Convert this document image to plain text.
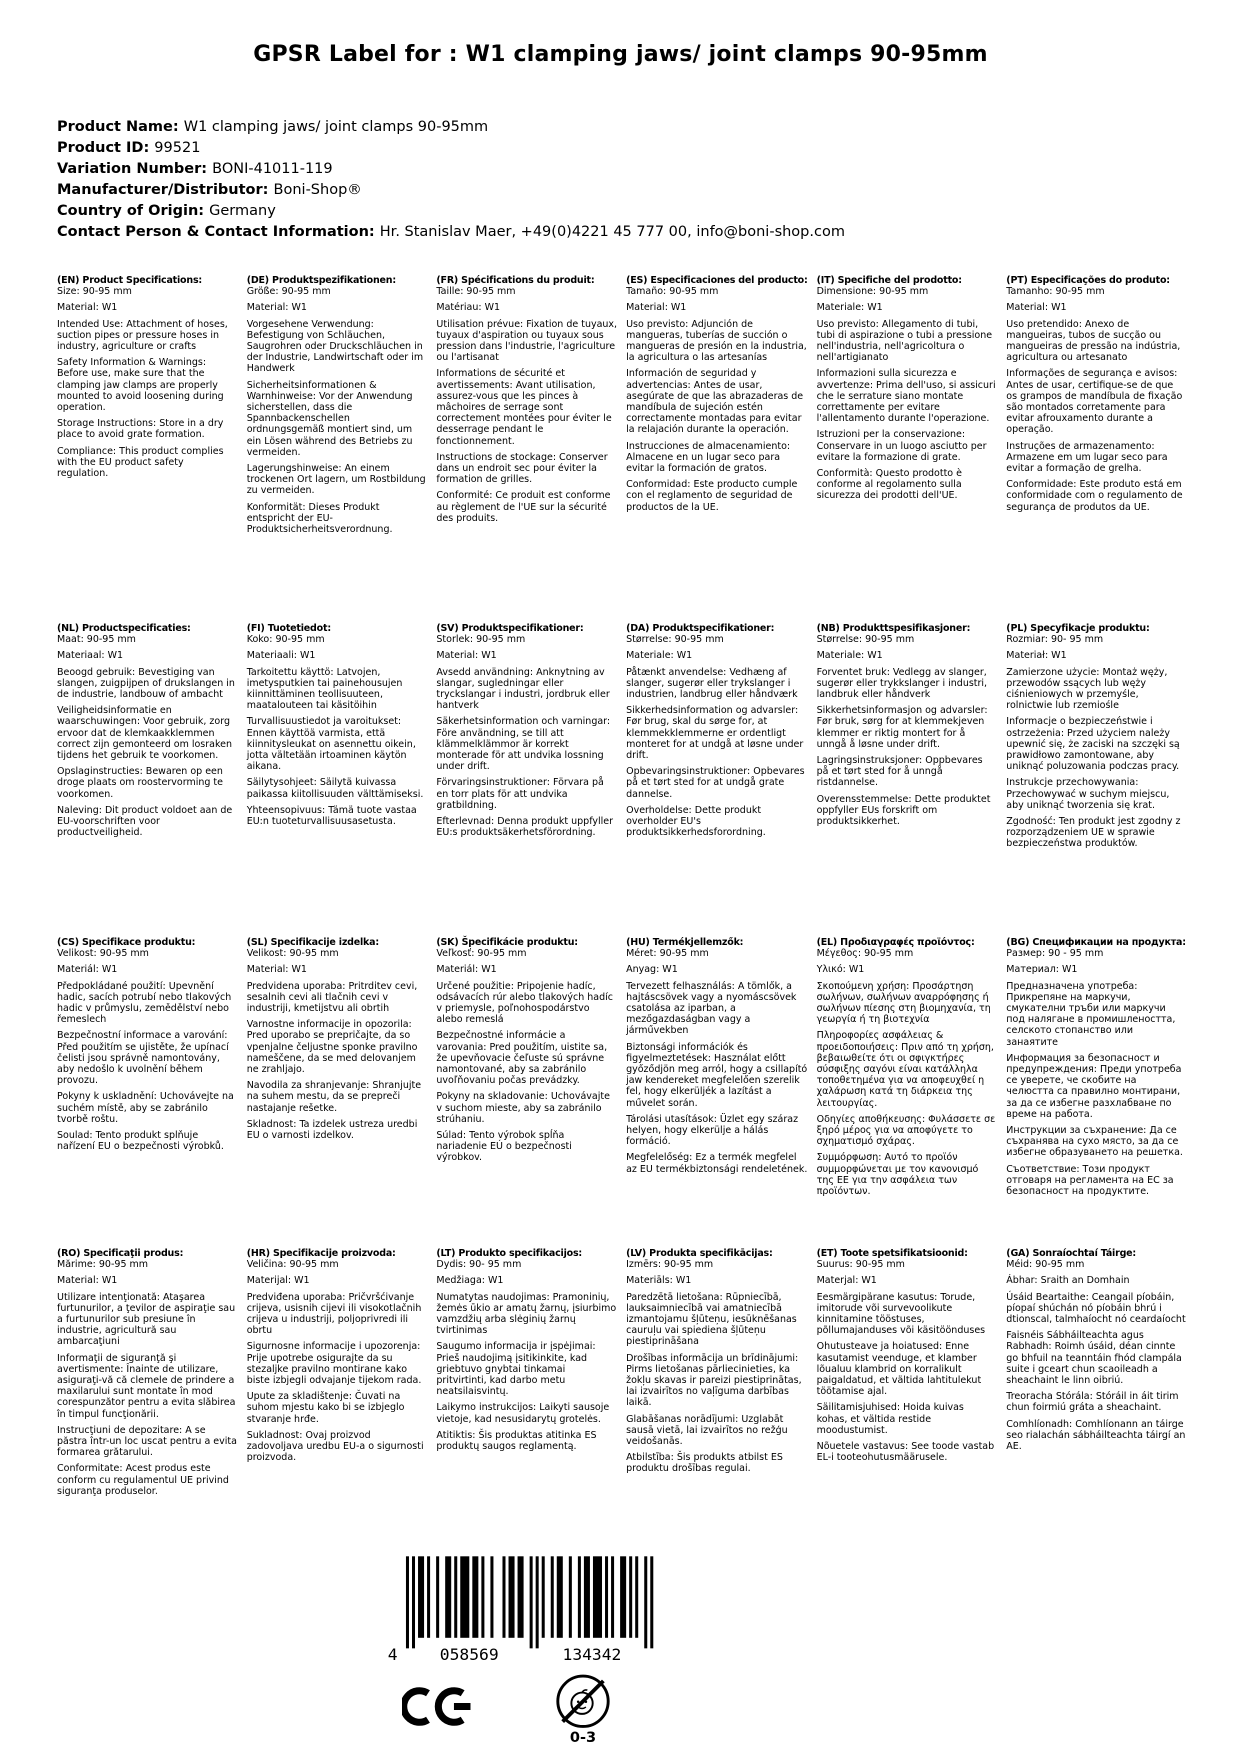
GPSR Label for : W1 clamping jaws/ joint clamps 90-95mm
Product Name: W1 clamping jaws/ joint clamps 90-95mm
Product ID: 99521
Variation Number: BONI-41011-119
Manufacturer/Distributor: Boni-Shop®
Country of Origin: Germany
Contact Person & Contact Information: Hr. Stanislav Maer, +49(0)4221 45 777 00, info@boni-shop.com
(EN) Product Specifications:

Size: 90-95 mm

Material: W1

Intended Use: Attachment of hoses, suction pipes or pressure hoses in industry, agriculture or crafts

Safety Information & Warnings: Before use, make sure that the clamping jaw clamps are properly mounted to avoid loosening during operation.

Storage Instructions: Store in a dry place to avoid grate formation.

Compliance: This product complies with the EU product safety regulation.

(DE) Produktspezifikationen:

Größe: 90-95 mm

Material: W1

Vorgesehene Verwendung: Befestigung von Schläuchen, Saugrohren oder Druckschläuchen in der Industrie, Landwirtschaft oder im Handwerk

Sicherheitsinformationen & Warnhinweise: Vor der Anwendung sicherstellen, dass die Spannbackenschellen ordnungsgemäß montiert sind, um ein Lösen während des Betriebs zu vermeiden.

Lagerungshinweise: An einem trockenen Ort lagern, um Rostbildung zu vermeiden.

Konformität: Dieses Produkt entspricht der EU-Produktsicherheitsverordnung.

(FR) Spécifications du produit:

Taille: 90-95 mm

Matériau: W1

Utilisation prévue: Fixation de tuyaux, tuyaux d'aspiration ou tuyaux sous pression dans l'industrie, l'agriculture ou l'artisanat

Informations de sécurité et avertissements: Avant utilisation, assurez-vous que les pinces à mâchoires de serrage sont correctement montées pour éviter le desserrage pendant le fonctionnement.

Instructions de stockage: Conserver dans un endroit sec pour éviter la formation de grilles.

Conformité: Ce produit est conforme au règlement de l'UE sur la sécurité des produits.

(ES) Especificaciones del producto:

Tamaño: 90-95 mm

Material: W1

Uso previsto: Adjunción de mangueras, tuberías de succión o mangueras de presión en la industria, la agricultura o las artesanías

Información de seguridad y advertencias: Antes de usar, asegúrate de que las abrazaderas de mandíbula de sujeción estén correctamente montadas para evitar la relajación durante la operación.

Instrucciones de almacenamiento: Almacene en un lugar seco para evitar la formación de gratos.

Conformidad: Este producto cumple con el reglamento de seguridad de productos de la UE.

(IT) Specifiche del prodotto:

Dimensione: 90-95 mm

Materiale: W1

Uso previsto: Allegamento di tubi, tubi di aspirazione o tubi a pressione nell'industria, nell'agricoltura o nell'artigianato

Informazioni sulla sicurezza e avvertenze: Prima dell'uso, si assicuri che le serrature siano montate correttamente per evitare l'allentamento durante l'operazione.

Istruzioni per la conservazione: Conservare in un luogo asciutto per evitare la formazione di grate.

Conformità: Questo prodotto è conforme al regolamento sulla sicurezza dei prodotti dell'UE.

(PT) Especificações do produto:

Tamanho: 90-95 mm

Material: W1

Uso pretendido: Anexo de mangueiras, tubos de sucção ou mangueiras de pressão na indústria, agricultura ou artesanato

Informações de segurança e avisos: Antes de usar, certifique-se de que os grampos de mandíbula de fixação são montados corretamente para evitar afrouxamento durante a operação.

Instruções de armazenamento: Armazene em um lugar seco para evitar a formação de grelha.

Conformidade: Este produto está em conformidade com o regulamento de segurança de produtos da UE.

(NL) Productspecificaties:

Maat: 90-95 mm

Materiaal: W1

Beoogd gebruik: Bevestiging van slangen, zuigpijpen of drukslangen in de industrie, landbouw of ambacht

Veiligheidsinformatie en waarschuwingen: Voor gebruik, zorg ervoor dat de klemkaakklemmen correct zijn gemonteerd om losraken tijdens het gebruik te voorkomen.

Opslaginstructies: Bewaren op een droge plaats om roostervorming te voorkomen.

Naleving: Dit product voldoet aan de EU-voorschriften voor productveiligheid.

(FI) Tuotetiedot:

Koko: 90-95 mm

Materiaali: W1

Tarkoitettu käyttö: Latvojen, imetysputkien tai painehousujen kiinnittäminen teollisuuteen, maatalouteen tai käsitöihin

Turvallisuustiedot ja varoitukset: Ennen käyttöä varmista, että kiinnitysleukat on asennettu oikein, jotta vältetään irtoaminen käytön aikana.

Säilytysohjeet: Säilytä kuivassa paikassa kiitollisuuden välttämiseksi.

Yhteensopivuus: Tämä tuote vastaa EU:n tuoteturvallisuusasetusta.

(SV) Produktspecifikationer:

Storlek: 90-95 mm

Material: W1

Avsedd användning: Anknytning av slangar, sugledningar eller tryckslangar i industri, jordbruk eller hantverk

Säkerhetsinformation och varningar: Före användning, se till att klämmelklämmor är korrekt monterade för att undvika lossning under drift.

Förvaringsinstruktioner: Förvara på en torr plats för att undvika gratbildning.

Efterlevnad: Denna produkt uppfyller EU:s produktsäkerhetsförordning.

(DA) Produktspecifikationer:

Størrelse: 90-95 mm

Materiale: W1

Påtænkt anvendelse: Vedhæng af slanger, sugerør eller trykslanger i industrien, landbrug eller håndværk

Sikkerhedsinformation og advarsler: Før brug, skal du sørge for, at klemmekklemmerne er ordentligt monteret for at undgå at løsne under drift.

Opbevaringsinstruktioner: Opbevares på et tørt sted for at undgå grate dannelse.

Overholdelse: Dette produkt overholder EU's produktsikkerhedsforordning.

(NB) Produkttspesifikasjoner:

Størrelse: 90-95 mm

Materiale: W1

Forventet bruk: Vedlegg av slanger, sugerør eller trykkslanger i industri, landbruk eller håndverk

Sikkerhetsinformasjon og advarsler: Før bruk, sørg for at klemmekjeven klemmer er riktig montert for å unngå å løsne under drift.

Lagringsinstruksjoner: Oppbevares på et tørt sted for å unngå ristdannelse.

Overensstemmelse: Dette produktet oppfyller EUs forskrift om produktsikkerhet.

(PL) Specyfikacje produktu:

Rozmiar: 90- 95 mm

Materiał: W1

Zamierzone użycie: Montaż węży, przewodów ssących lub węży ciśnieniowych w przemyśle, rolnictwie lub rzemiośle

Informacje o bezpieczeństwie i ostrzeżenia: Przed użyciem należy upewnić się, że zaciski na szczęki są prawidłowo zamontowane, aby uniknąć poluzowania podczas pracy.

Instrukcje przechowywania: Przechowywać w suchym miejscu, aby uniknąć tworzenia się krat.

Zgodność: Ten produkt jest zgodny z rozporządzeniem UE w sprawie bezpieczeństwa produktów.

(CS) Specifikace produktu:

Velikost: 90-95 mm

Materiál: W1

Předpokládané použití: Upevnění hadic, sacích potrubí nebo tlakových hadic v průmyslu, zemědělství nebo řemeslech

Bezpečnostní informace a varování: Před použitím se ujistěte, že upínací čelisti jsou správně namontovány, aby nedošlo k uvolnění během provozu.

Pokyny k uskladnění: Uchovávejte na suchém místě, aby se zabránilo tvorbě roštu.

Soulad: Tento produkt splňuje nařízení EU o bezpečnosti výrobků.

(SL) Specifikacije izdelka:

Velikost: 90-95 mm

Material: W1

Predvidena uporaba: Pritrditev cevi, sesalnih cevi ali tlačnih cevi v industriji, kmetijstvu ali obrtih

Varnostne informacije in opozorila: Pred uporabo se prepričajte, da so vpenjalne čeljustne sponke pravilno nameščene, da se med delovanjem ne zrahljajo.

Navodila za shranjevanje: Shranjujte na suhem mestu, da se prepreči nastajanje rešetke.

Skladnost: Ta izdelek ustreza uredbi EU o varnosti izdelkov.

(SK) Špecifikácie produktu:

Veľkosť: 90-95 mm

Materiál: W1

Určené použitie: Pripojenie hadíc, odsávacích rúr alebo tlakových hadíc v priemysle, poľnohospodárstvo alebo remeslá

Bezpečnostné informácie a varovania: Pred použitím, uistite sa, že upevňovacie čeľuste sú správne namontované, aby sa zabránilo uvoľňovaniu počas prevádzky.

Pokyny na skladovanie: Uchovávajte v suchom mieste, aby sa zabránilo strúhaniu.

Súlad: Tento výrobok spĺňa nariadenie EÚ o bezpečnosti výrobkov.

(HU) Termékjellemzők:

Méret: 90-95 mm

Anyag: W1

Tervezett felhasználás: A tömlők, a hajtáscsövek vagy a nyomáscsövek csatolása az iparban, a mezőgazdaságban vagy a járművekben

Biztonsági információk és figyelmeztetések: Használat előtt győződjön meg arról, hogy a csillapító jaw kendereket megfelelően szerelik fel, hogy elkerüljék a lazítást a művelet során.

Tárolási utasítások: Üzlet egy száraz helyen, hogy elkerülje a hálás formáció.

Megfelelőség: Ez a termék megfelel az EU termékbiztonsági rendeletének.

(EL) Προδιαγραφές προϊόντος:

Μέγεθος: 90-95 mm

Υλικό: W1

Σκοπούμενη χρήση: Προσάρτηση σωλήνων, σωλήνων αναρρόφησης ή σωλήνων πίεσης στη βιομηχανία, τη γεωργία ή τη βιοτεχνία

Πληροφορίες ασφάλειας & προειδοποιήσεις: Πριν από τη χρήση, βεβαιωθείτε ότι οι σφιγκτήρες σύσφιξης σαγόνι είναι κατάλληλα τοποθετημένα για να αποφευχθεί η χαλάρωση κατά τη διάρκεια της λειτουργίας.

Οδηγίες αποθήκευσης: Φυλάσσετε σε ξηρό μέρος για να αποφύγετε το σχηματισμό σχάρας.

Συμμόρφωση: Αυτό το προϊόν συμμορφώνεται με τον κανονισμό της ΕΕ για την ασφάλεια των προϊόντων.

(BG) Спецификации на продукта:

Размер: 90 - 95 mm

Материал: W1

Предназначена употреба: Прикрепяне на маркучи, смукателни тръби или маркучи под налягане в промишлеността, селското стопанство или занаятите

Информация за безопасност и предупреждения: Преди употреба се уверете, че скобите на челюстта са правилно монтирани, за да се избегне разхлабване по време на работа.

Инструкции за съхранение: Да се съхранява на сухо място, за да се избегне образуването на решетка.

Съответствие: Този продукт отговаря на регламента на ЕС за безопасност на продуктите.

(RO) Specificaţii produs:

Mărime: 90-95 mm

Material: W1

Utilizare intenţionată: Ataşarea furtunurilor, a ţevilor de aspiraţie sau a furtunurilor sub presiune în industrie, agricultură sau ambarcaţiuni

Informaţii de siguranţă şi avertismente: Înainte de utilizare, asiguraţi-vă că clemele de prindere a maxilarului sunt montate în mod corespunzător pentru a evita slăbirea în timpul funcţionării.

Instrucţiuni de depozitare: A se păstra într-un loc uscat pentru a evita formarea grătarului.

Conformitate: Acest produs este conform cu regulamentul UE privind siguranţa produselor.

(HR) Specifikacije proizvoda:

Veličina: 90-95 mm

Materijal: W1

Predviđena uporaba: Pričvršćivanje crijeva, usisnih cijevi ili visokotlačnih crijeva u industriji, poljoprivredi ili obrtu

Sigurnosne informacije i upozorenja: Prije upotrebe osigurajte da su stezaljke pravilno montirane kako biste izbjegli odvajanje tijekom rada.

Upute za skladištenje: Čuvati na suhom mjestu kako bi se izbjeglo stvaranje hrđe.

Sukladnost: Ovaj proizvod zadovoljava uredbu EU-a o sigurnosti proizvoda.

(LT) Produkto specifikacijos:

Dydis: 90- 95 mm

Medžiaga: W1

Numatytas naudojimas: Pramoninių, žemės ūkio ar amatų žarnų, įsiurbimo vamzdžių arba slėginių žarnų tvirtinimas

Saugumo informacija ir įspėjimai: Prieš naudojimą įsitikinkite, kad griebtuvo gnybtai tinkamai pritvirtinti, kad darbo metu neatsilaisvintų.

Laikymo instrukcijos: Laikyti sausoje vietoje, kad nesusidarytų grotelės.

Atitiktis: Šis produktas atitinka ES produktų saugos reglamentą.

(LV) Produkta specifikācijas:

Izmērs: 90-95 mm

Materiāls: W1

Paredzētā lietošana: Rūpniecībā, lauksaimniecībā vai amatniecībā izmantojamu šļūteņu, iesūknēšanas cauruļu vai spiediena šļūteņu piestiprināšana

Drošības informācija un brīdinājumi: Pirms lietošanas pārliecinieties, ka žokļu skavas ir pareizi piestiprinātas, lai izvairītos no vaļīguma darbības laikā.

Glabāšanas norādījumi: Uzglabāt sausā vietā, lai izvairītos no režģu veidošanās.

Atbilstība: Šis produkts atbilst ES produktu drošības regulai.

(ET) Toote spetsifikatsioonid:

Suurus: 90-95 mm

Materjal: W1

Eesmärgipärane kasutus: Torude, imitorude või survevoolikute kinnitamine tööstuses, põllumajanduses või käsitöönduses

Ohutusteave ja hoiatused: Enne kasutamist veenduge, et klamber lõualuu klambrid on korralikult paigaldatud, et vältida lahtitulekut töötamise ajal.

Säilitamisjuhised: Hoida kuivas kohas, et vältida restide moodustumist.

Nõuetele vastavus: See toode vastab EL-i tooteohutusmäärusele.

(GA) Sonraíochtaí Táirge:

Méid: 90-95 mm

Ábhar: Sraith an Domhain

Úsáid Beartaithe: Ceangail píobáin, píopaí shúchán nó píobáin bhrú i dtionscal, talmhaíocht nó ceardaíocht

Faisnéis Sábháilteachta agus Rabhadh: Roimh úsáid, déan cinnte go bhfuil na teanntáin fhód clampála suite i gceart chun scaoileadh a sheachaint le linn oibriú.

Treoracha Stórála: Stóráil in áit tirim chun foirmiú gráta a sheachaint.

Comhlíonadh: Comhlíonann an táirge seo rialachán sábháilteachta táirgí an AE.

4 058569	134342
0-3
